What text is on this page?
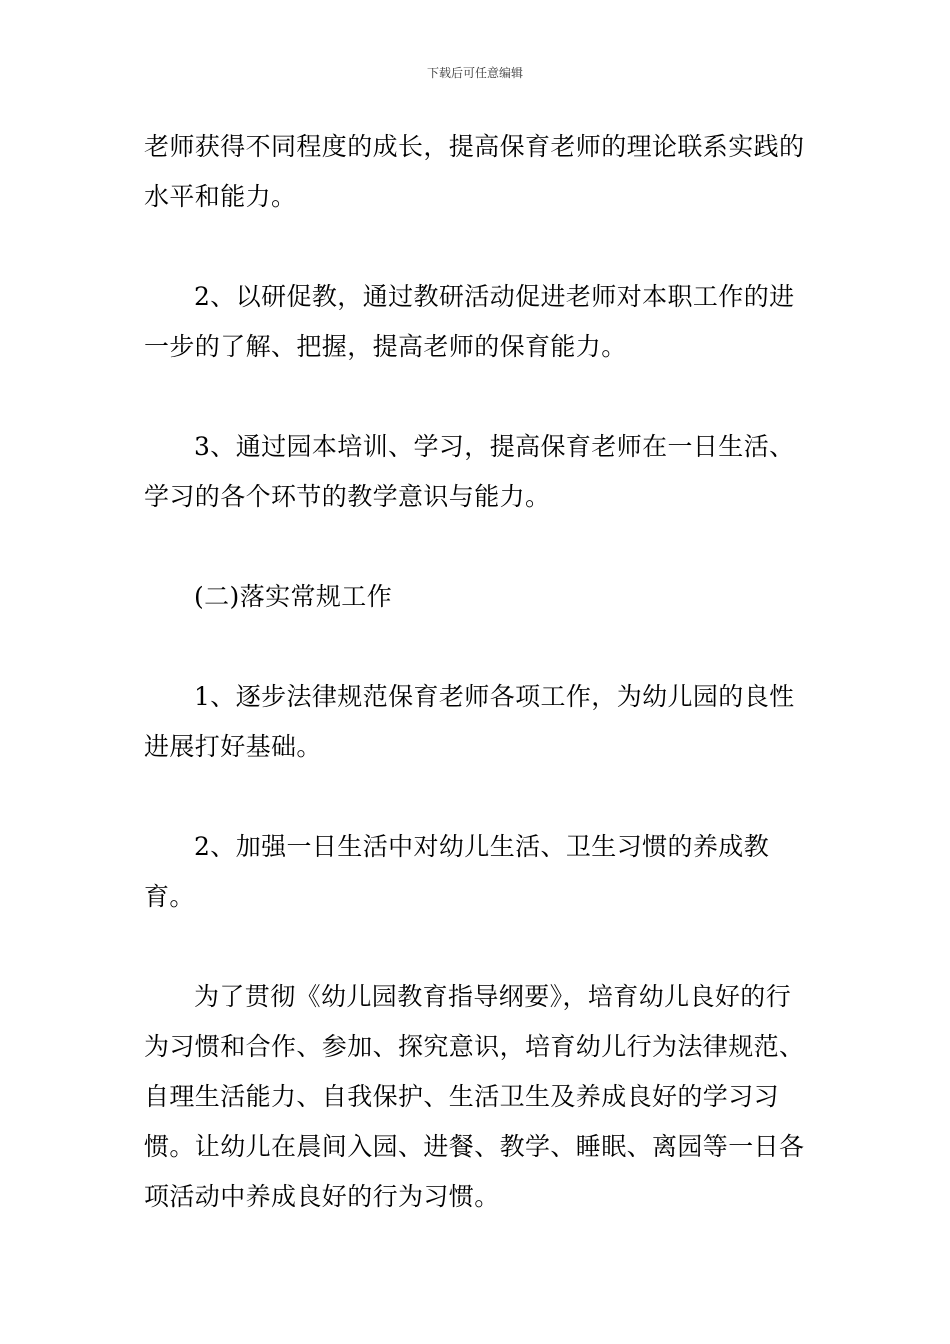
下载后可任意编辑

老师获得不同程度的成长，提高保育老师的理论联系实践的水平和能力。

2、以研促教，通过教研活动促进老师对本职工作的进一步的了解、把握，提高老师的保育能力。

3、通过园本培训、学习，提高保育老师在一日生活、学习的各个环节的教学意识与能力。

(二)落实常规工作

1、逐步法律规范保育老师各项工作，为幼儿园的良性进展打好基础。

2、加强一日生活中对幼儿生活、卫生习惯的养成教育。

为了贯彻《幼儿园教育指导纲要》，培育幼儿良好的行为习惯和合作、参加、探究意识，培育幼儿行为法律规范、自理生活能力、自我保护、生活卫生及养成良好的学习习惯。让幼儿在晨间入园、进餐、教学、睡眠、离园等一日各项活动中养成良好的行为习惯。
